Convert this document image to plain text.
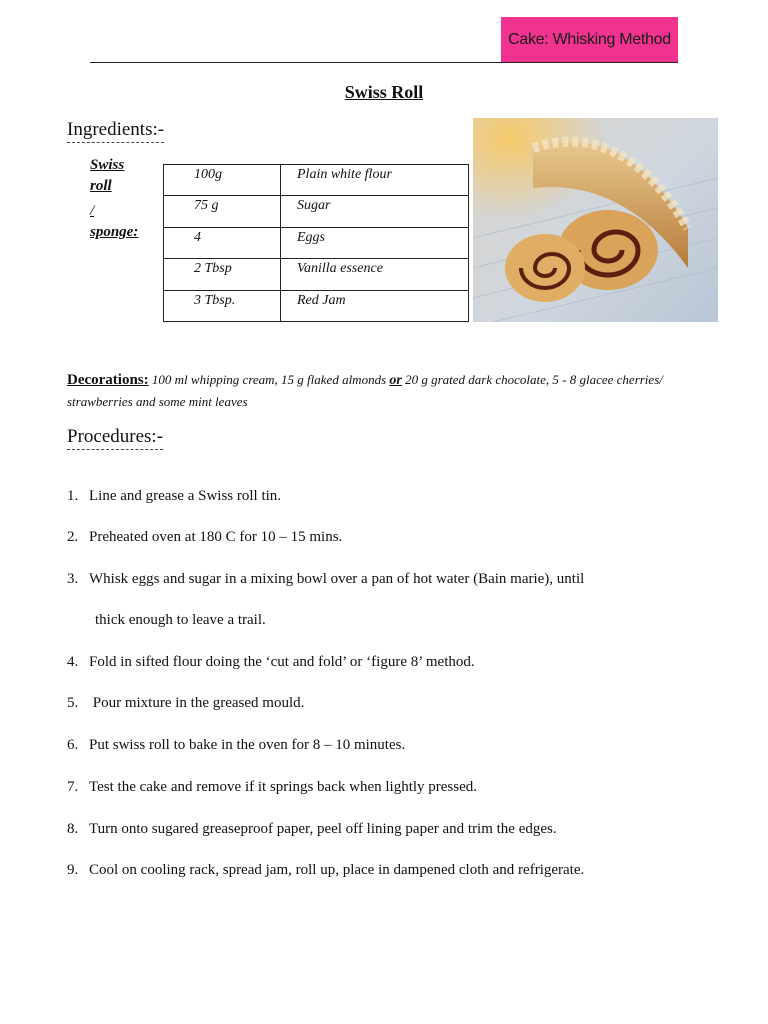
Cake: Whisking Method
Swiss Roll
Ingredients:-
Swiss
roll
/
sponge:
100g	Plain white flour
75 g	Sugar
4	Eggs
2 Tbsp	Vanilla essence
3 Tbsp.	Red Jam
Decorations: 100 ml whipping cream, 15 g flaked almonds or 20 g grated dark chocolate, 5 - 8 glacee cherries/ strawberries and some mint leaves
Procedures:-
1. Line and grease a Swiss roll tin.
2. Preheated oven at 180 C for 10 – 15 mins.
3. Whisk eggs and sugar in a mixing bowl over a pan of hot water (Bain marie), until
thick enough to leave a trail.
4. Fold in sifted flour doing the ‘cut and fold’ or ‘figure 8’ method.
5. Pour mixture in the greased mould.
6. Put swiss roll to bake in the oven for 8 – 10 minutes.
7. Test the cake and remove if it springs back when lightly pressed.
8. Turn onto sugared greaseproof paper, peel off lining paper and trim the edges.
9. Cool on cooling rack, spread jam, roll up, place in dampened cloth and refrigerate.
